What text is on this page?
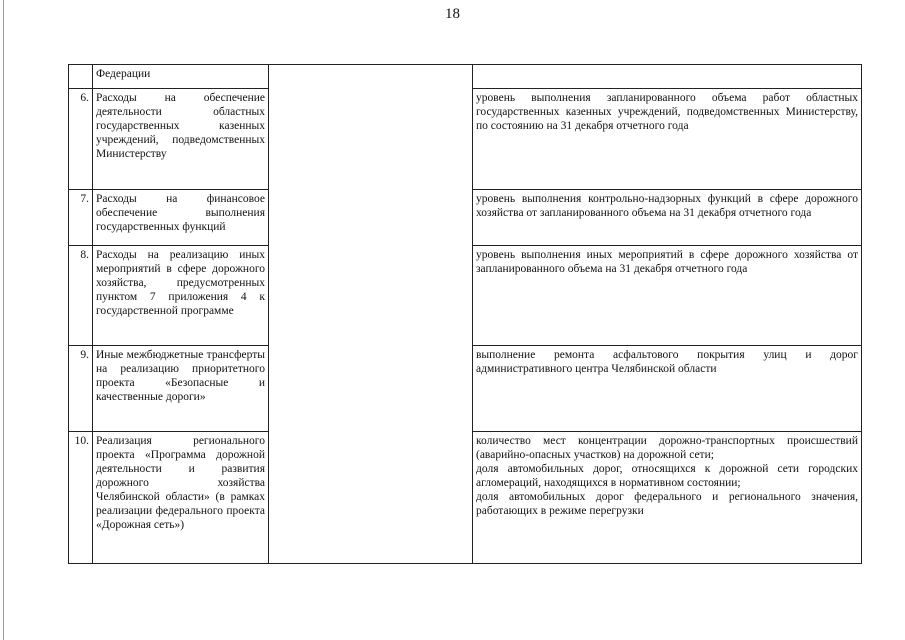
18
	Федерации		
6.	Расходы на обеспечение деятельности областных государственных казенных учреждений, подведомственных Министерству		уровень выполнения запланированного объема работ областных государственных казенных учреждений, подведомственных Министерству, по состоянию на 31 декабря отчетного года

7.	Расходы на финансовое обеспечение выполнения государственных функций		уровень выполнения контрольно-надзорных функций в сфере дорожного хозяйства от запланированного объема на 31 декабря отчетного года

8.	Расходы на реализацию иных мероприятий в сфере дорожного хозяйства, предусмотренных пунктом 7 приложения 4 к государственной программе		уровень выполнения иных мероприятий в сфере дорожного хозяйства от запланированного объема на 31 декабря отчетного года

9.	Иные межбюджетные трансферты на реализацию приоритетного проекта «Безопасные и качественные дороги»		выполнение ремонта асфальтового покрытия улиц и дорог административного центра Челябинской области

10.	Реализация регионального проекта «Программа дорожной деятельности и развития дорожного хозяйства Челябинской области» (в рамках реализации федерального проекта «Дорожная сеть»)		количество мест концентрации дорожно-транспортных происшествий (аварийно-опасных участков) на дорожной сети;
доля автомобильных дорог, относящихся к дорожной сети городских агломераций, находящихся в нормативном состоянии;
доля автомобильных дорог федерального и регионального значения, работающих в режиме перегрузки
